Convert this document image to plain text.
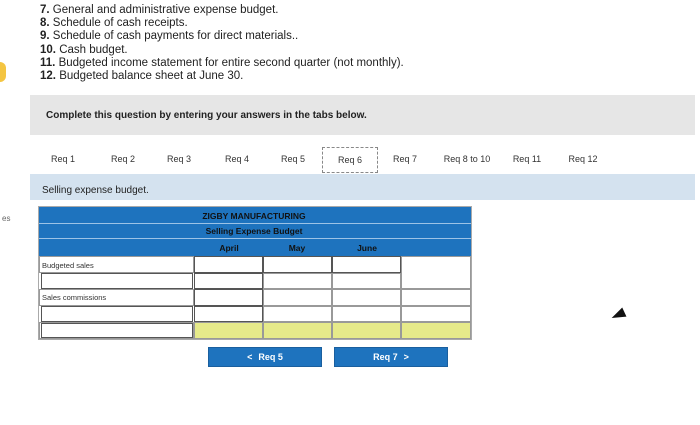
es
7. General and administrative expense budget.
8. Schedule of cash receipts.
9. Schedule of cash payments for direct materials..
10. Cash budget.
11. Budgeted income statement for entire second quarter (not monthly).
12. Budgeted balance sheet at June 30.
Complete this question by entering your answers in the tabs below.
Req 1	Req 2	Req 3	Req 4	Req 5	Req 6	Req 7	Req 8 to 10	Req 11	Req 12
Selling expense budget.
ZIGBY MANUFACTURING
Selling Expense Budget
April	May	June
Budgeted sales
Sales commissions
< Req 5	Req 7 >
